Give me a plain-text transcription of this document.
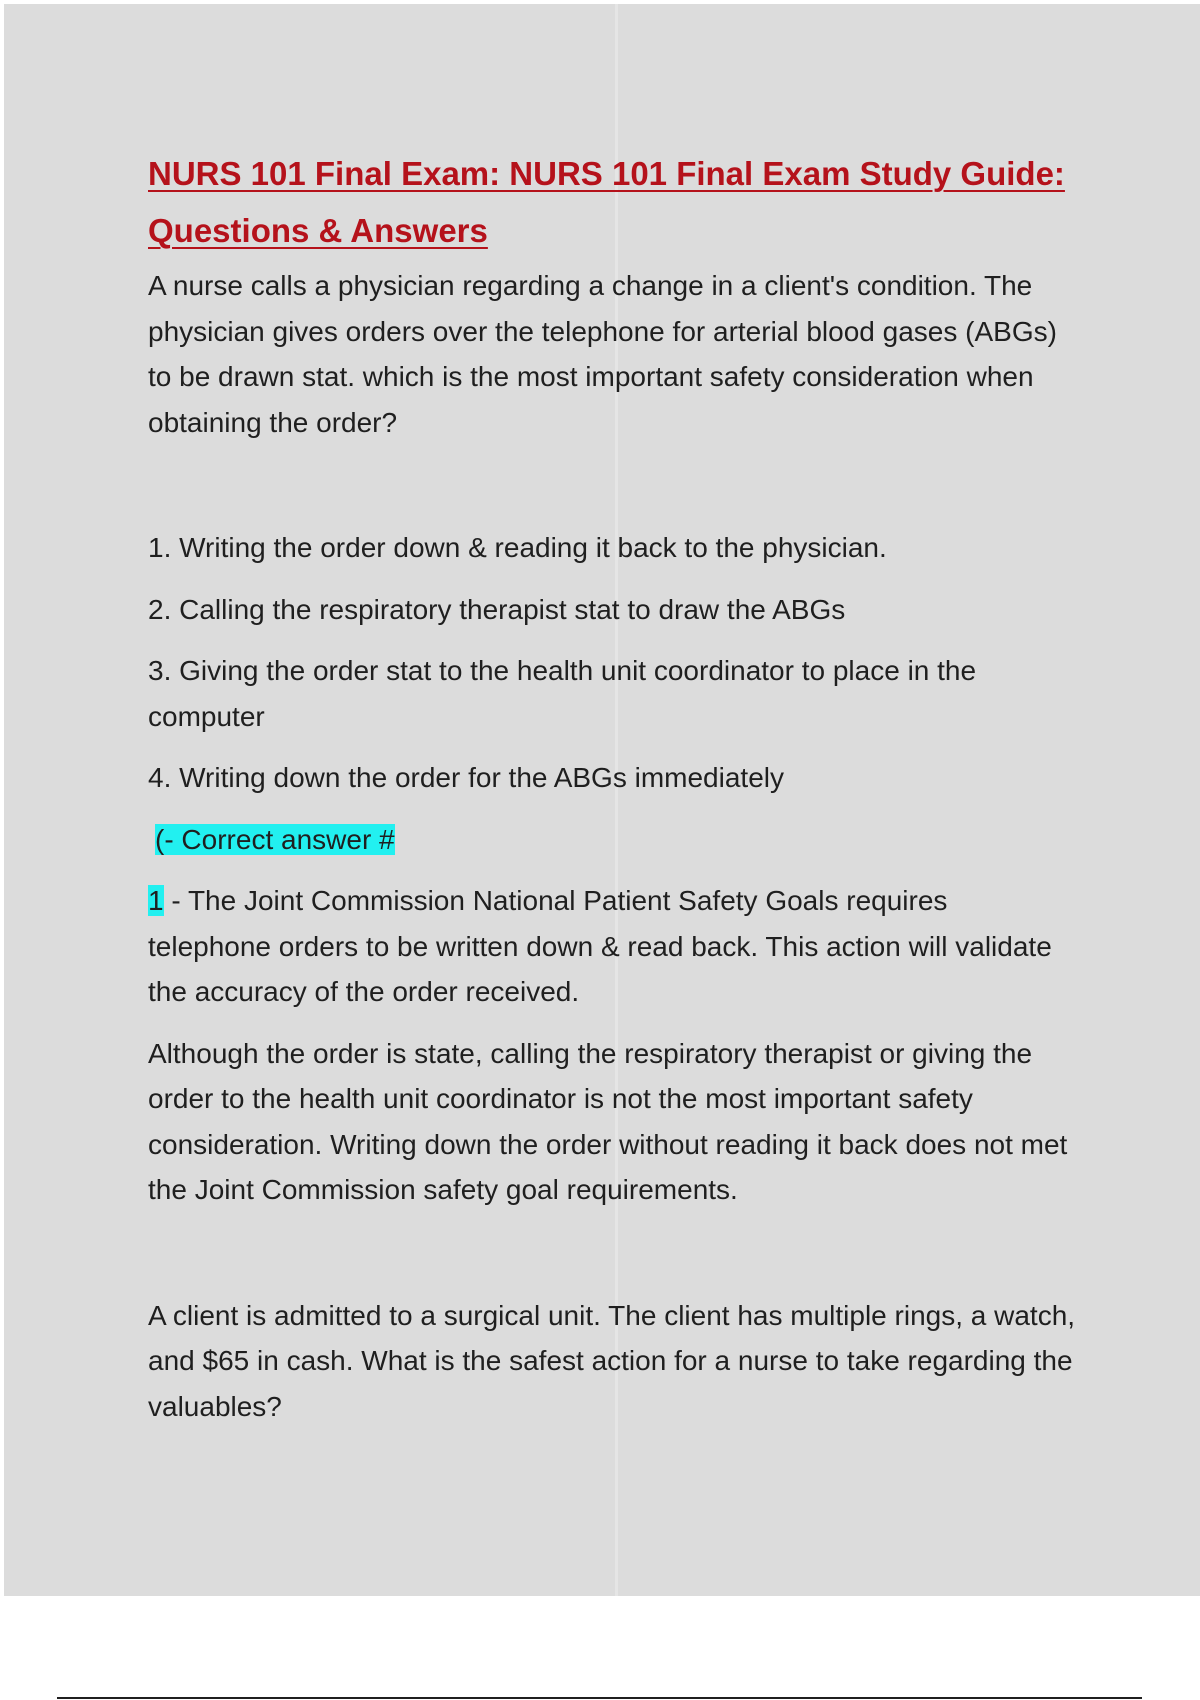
NURS 101 Final Exam: NURS 101 Final Exam Study Guide: Questions & Answers
A nurse calls a physician regarding a change in a client's condition. The physician gives orders over the telephone for arterial blood gases (ABGs) to be drawn stat. which is the most important safety consideration when obtaining the order?
1. Writing the order down & reading it back to the physician.
2. Calling the respiratory therapist stat to draw the ABGs
3. Giving the order stat to the health unit coordinator to place in the computer
4. Writing down the order for the ABGs immediately
(- Correct answer #
1 - The Joint Commission National Patient Safety Goals requires telephone orders to be written down & read back. This action will validate the accuracy of the order received.
Although the order is state, calling the respiratory therapist or giving the order to the health unit coordinator is not the most important safety consideration. Writing down the order without reading it back does not met the Joint Commission safety goal requirements.
A client is admitted to a surgical unit. The client has multiple rings, a watch, and $65 in cash. What is the safest action for a nurse to take regarding the valuables?
